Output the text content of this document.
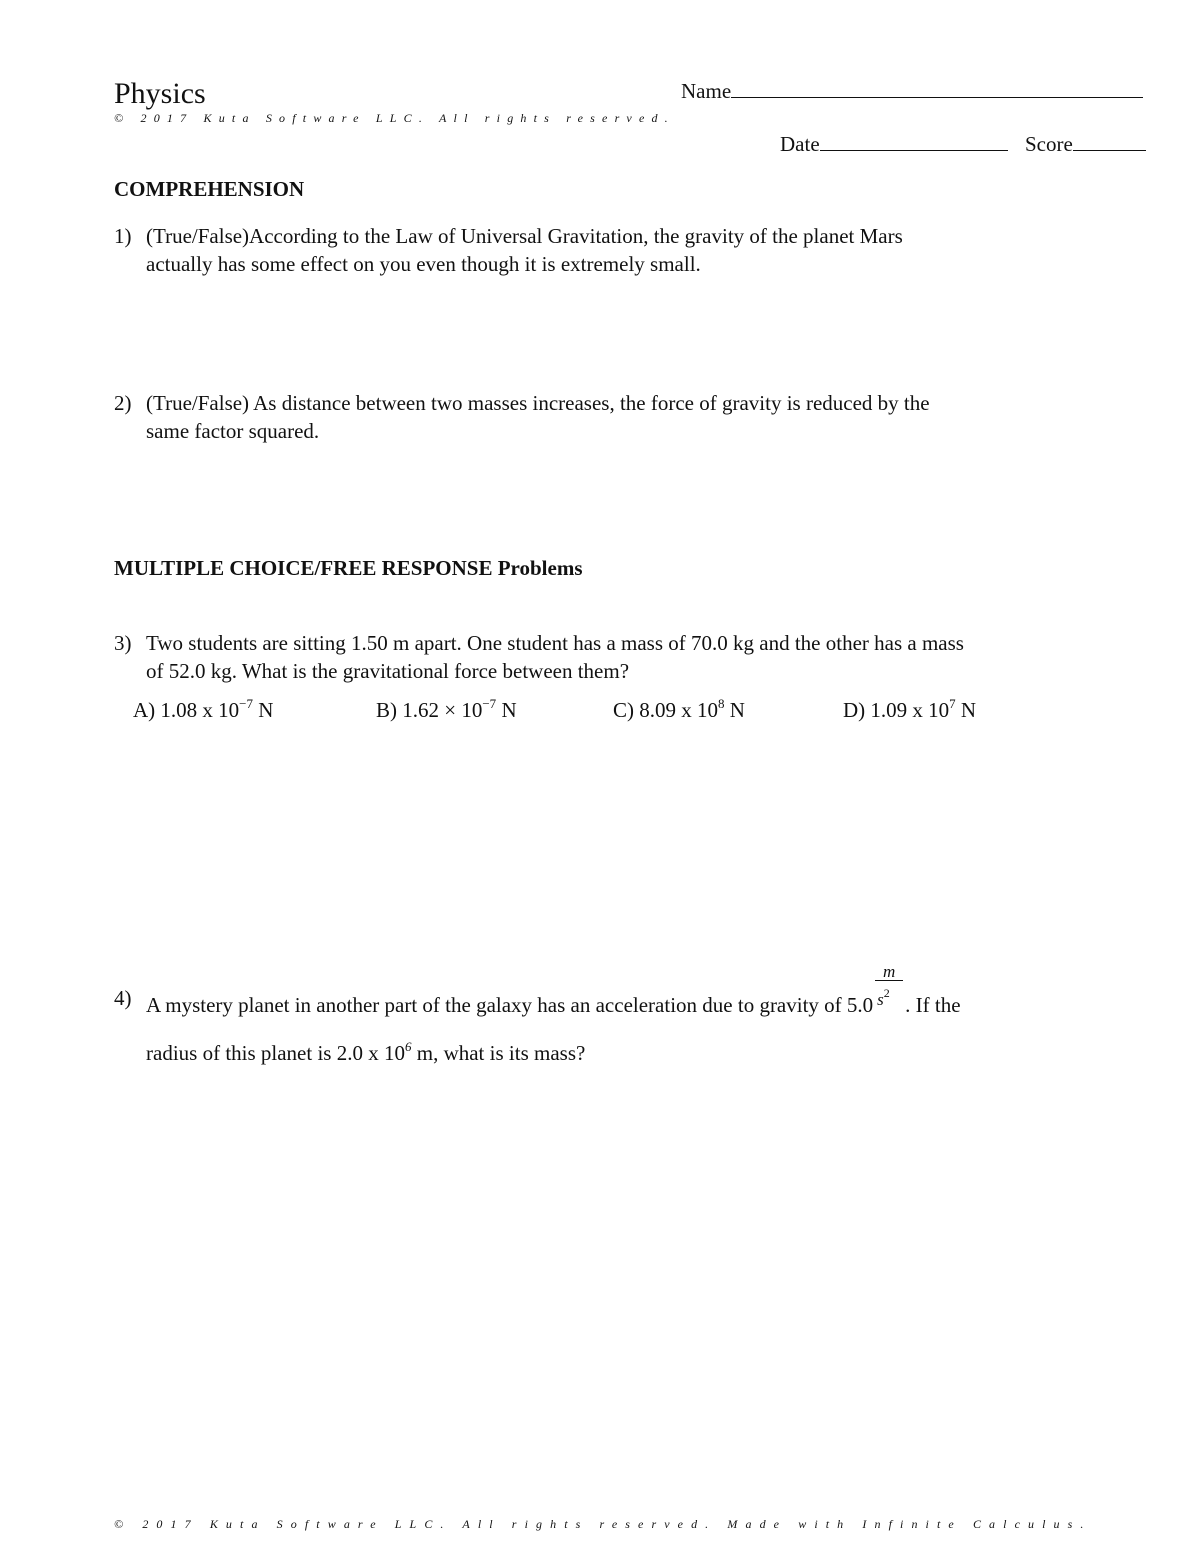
Physics
© 2017 Kuta Software LLC. All rights reserved.
Name
Date	Score
COMPREHENSION
1) (True/False)According to the Law of Universal Gravitation, the gravity of the planet Mars
actually has some effect on you even though it is extremely small.
2) (True/False) As distance between two masses increases, the force of gravity is reduced by the
same factor squared.
MULTIPLE CHOICE/FREE RESPONSE Problems
3) Two students are sitting 1.50 m apart. One student has a mass of 70.0 kg and the other has a mass
of 52.0 kg. What is the gravitational force between them?
A) 1.08 x $10^{-7}$ N	B) $1.62 \times 10^{-7}$ N	C) 8.09 x $10^8$ N	D) 1.09 x $10^7$ N
4) A mystery planet in another part of the galaxy has an acceleration due to gravity of $5.0 \frac{m}{s^2}$ . If the
radius of this planet is 2.0 x $10^6$ m, what is its mass?
© 2017 Kuta Software LLC. All rights reserved. Made with Infinite Calculus.
